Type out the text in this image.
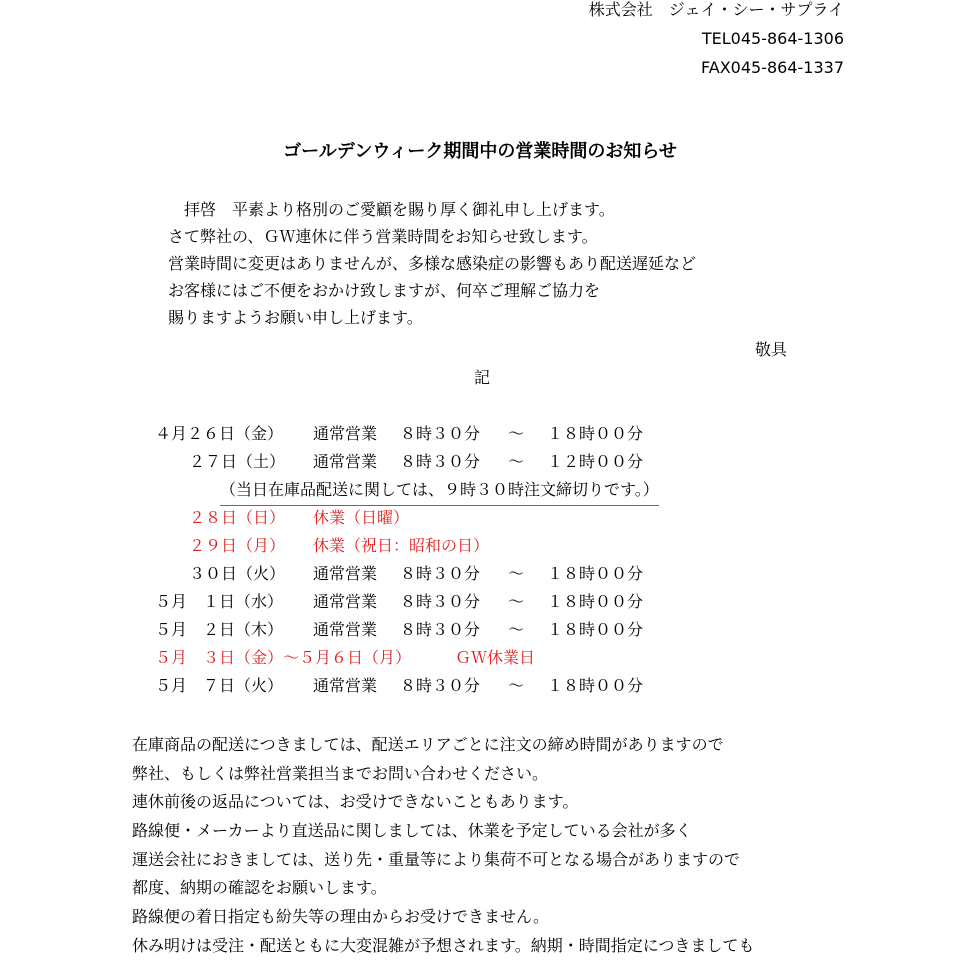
株式会社　ジェイ・シー・サプライ
TEL045-864-1306
FAX045-864-1337
ゴールデンウィーク期間中の営業時間のお知らせ
　拝啓　平素より格別のご愛顧を賜り厚く御礼申し上げます。
さて弊社の、ＧＷ連休に伴う営業時間をお知らせ致します。
営業時間に変更はありませんが、多様な感染症の影響もあり配送遅延など
お客様にはご不便をおかけ致しますが、何卒ご理解ご協力を
賜りますようお願い申し上げます。
敬具
記
４月２６日（金） 通常営業 ８時３０分 ～ １８時００分
２７日（土） 通常営業 ８時３０分 ～ １２時００分
（当日在庫品配送に関しては、９時３０時注文締切りです。）
２８日（日） 休業（日曜）
２９日（月） 休業（祝日：昭和の日）
３０日（火） 通常営業 ８時３０分 ～ １８時００分
５月　１日（水） 通常営業 ８時３０分 ～ １８時００分
５月　２日（木） 通常営業 ８時３０分 ～ １８時００分
５月　３日（金）～５月６日（月）	ＧＷ休業日
５月　７日（火） 通常営業 ８時３０分 ～ １８時００分
在庫商品の配送につきましては、配送エリアごとに注文の締め時間がありますので
弊社、もしくは弊社営業担当までお問い合わせください。
連休前後の返品については、お受けできないこともあります。
路線便・メーカーより直送品に関しましては、休業を予定している会社が多く
運送会社におきましては、送り先・重量等により集荷不可となる場合がありますので
都度、納期の確認をお願いします。
路線便の着日指定も紛失等の理由からお受けできません。
休み明けは受注・配送ともに大変混雑が予想されます。納期・時間指定につきましても
